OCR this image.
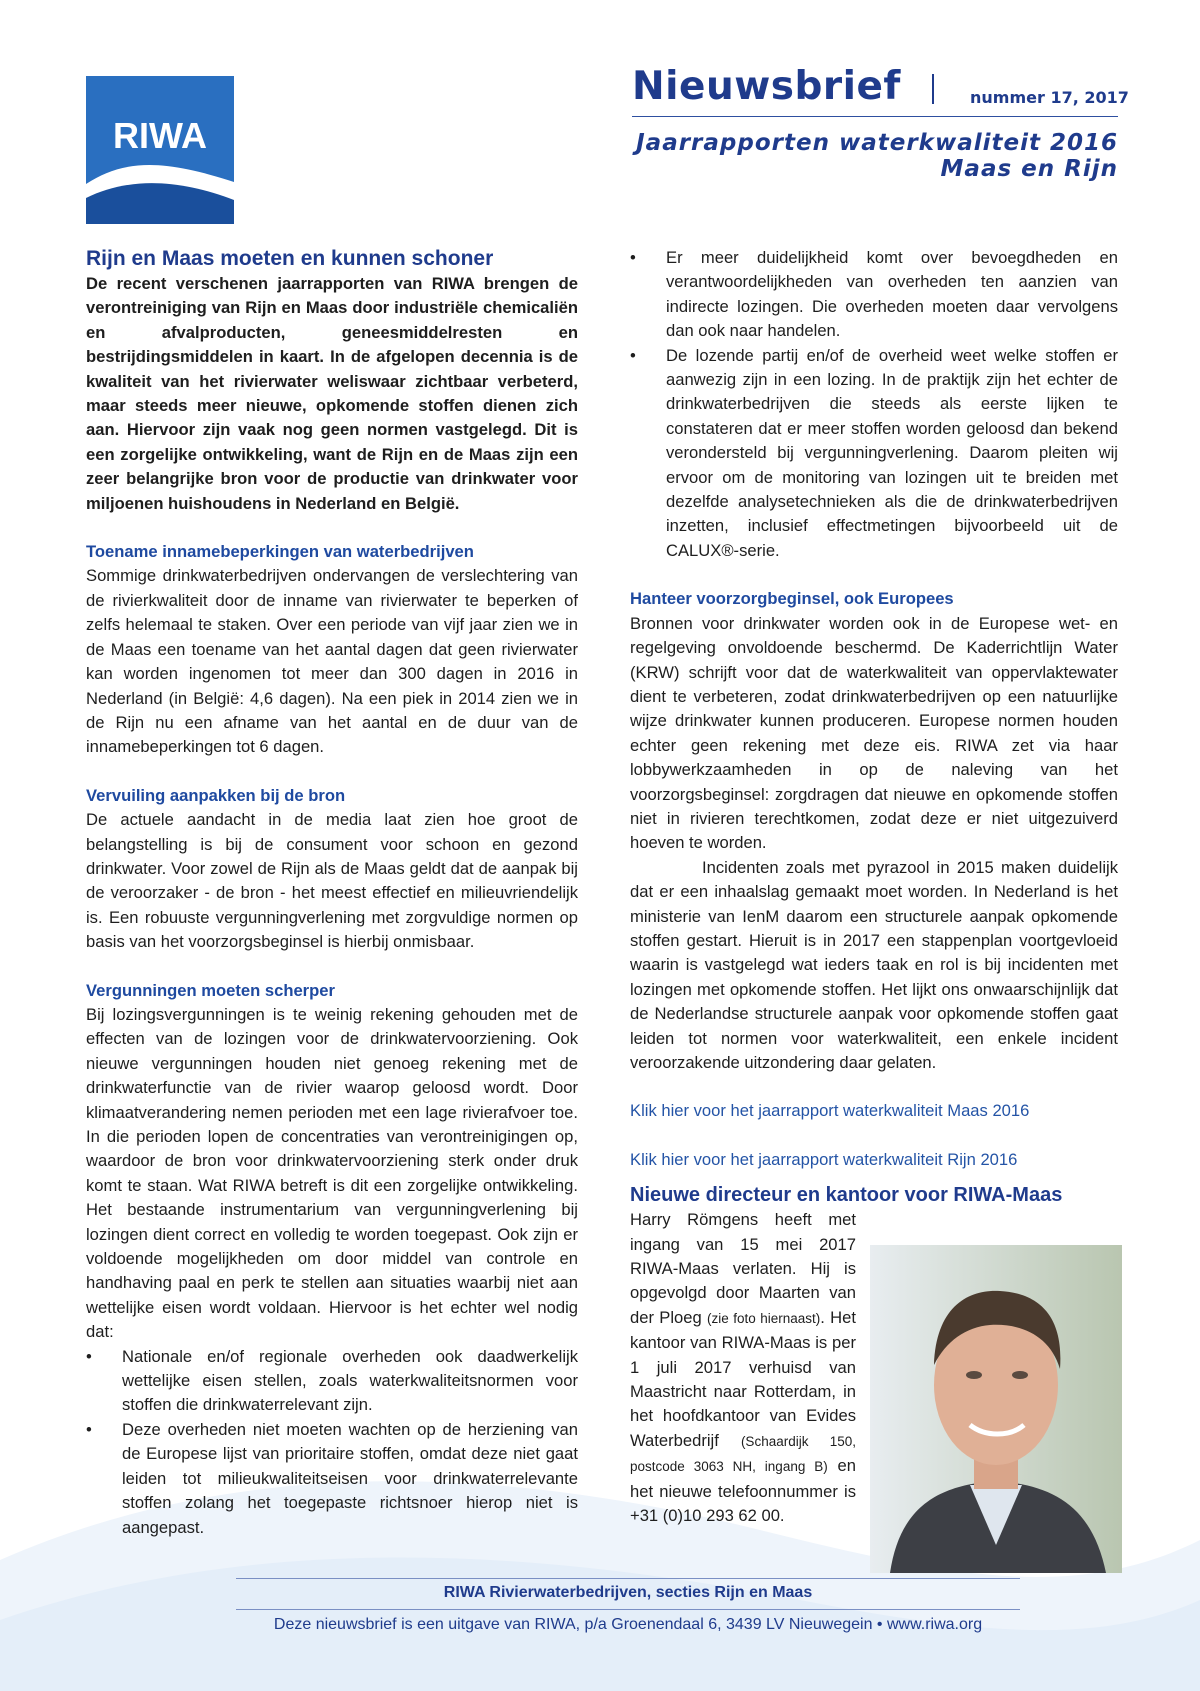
RIWA
Nieuwsbrief	nummer 17, 2017
Jaarrapporten waterkwaliteit 2016
Maas en Rijn
Rijn en Maas moeten en kunnen schoner

De recent verschenen jaarrapporten van RIWA brengen de verontreiniging van Rijn en Maas door industriële chemicaliën en afvalproducten, geneesmiddelresten en bestrijdingsmiddelen in kaart. In de afgelopen decennia is de kwaliteit van het rivierwater weliswaar zichtbaar verbeterd, maar steeds meer nieuwe, opkomende stoffen dienen zich aan. Hiervoor zijn vaak nog geen normen vastgelegd. Dit is een zorgelijke ontwikkeling, want de Rijn en de Maas zijn een zeer belangrijke bron voor de productie van drinkwater voor miljoenen huishoudens in Nederland en België.

Toename innamebeperkingen van waterbedrijven

Sommige drinkwaterbedrijven ondervangen de verslechtering van de rivierkwaliteit door de inname van rivierwater te beperken of zelfs helemaal te staken. Over een periode van vijf jaar zien we in de Maas een toename van het aantal dagen dat geen rivierwater kan worden ingenomen tot meer dan 300 dagen in 2016 in Nederland (in België: 4,6 dagen). Na een piek in 2014 zien we in de Rijn nu een afname van het aantal en de duur van de innamebeperkingen tot 6 dagen.

Vervuiling aanpakken bij de bron

De actuele aandacht in de media laat zien hoe groot de belangstelling is bij de consument voor schoon en gezond drinkwater. Voor zowel de Rijn als de Maas geldt dat de aanpak bij de veroorzaker - de bron - het meest effectief en milieuvriendelijk is. Een robuuste vergunningverlening met zorgvuldige normen op basis van het voorzorgsbeginsel is hierbij onmisbaar.

Vergunningen moeten scherper

Bij lozingsvergunningen is te weinig rekening gehouden met de effecten van de lozingen voor de drinkwatervoorziening. Ook nieuwe vergunningen houden niet genoeg rekening met de drinkwaterfunctie van de rivier waarop geloosd wordt. Door klimaatverandering nemen perioden met een lage rivierafvoer toe. In die perioden lopen de concentraties van verontreinigingen op, waardoor de bron voor drinkwatervoorziening sterk onder druk komt te staan. Wat RIWA betreft is dit een zorgelijke ontwikkeling. Het bestaande instrumentarium van vergunningverlening bij lozingen dient correct en volledig te worden toegepast. Ook zijn er voldoende mogelijkheden om door middel van controle en handhaving paal en perk te stellen aan situaties waarbij niet aan wettelijke eisen wordt voldaan. Hiervoor is het echter wel nodig dat:

• Nationale en/of regionale overheden ook daadwerkelijk wettelijke eisen stellen, zoals waterkwaliteitsnormen voor stoffen die drinkwaterrelevant zijn.
• Deze overheden niet moeten wachten op de herziening van de Europese lijst van prioritaire stoffen, omdat deze niet gaat leiden tot milieukwaliteitseisen voor drinkwaterrelevante stoffen zolang het toegepaste richtsnoer hierop niet is aangepast.
• Er meer duidelijkheid komt over bevoegdheden en verantwoordelijkheden van overheden ten aanzien van indirecte lozingen. Die overheden moeten daar vervolgens dan ook naar handelen.
• De lozende partij en/of de overheid weet welke stoffen er aanwezig zijn in een lozing. In de praktijk zijn het echter de drinkwaterbedrijven die steeds als eerste lijken te constateren dat er meer stoffen worden geloosd dan bekend verondersteld bij vergunningverlening. Daarom pleiten wij ervoor om de monitoring van lozingen uit te breiden met dezelfde analysetechnieken als die de drinkwaterbedrijven inzetten, inclusief effectmetingen bijvoorbeeld uit de CALUX®-serie.
Hanteer voorzorgbeginsel, ook Europees

Bronnen voor drinkwater worden ook in de Europese wet- en regelgeving onvoldoende beschermd. De Kaderrichtlijn Water (KRW) schrijft voor dat de waterkwaliteit van oppervlaktewater dient te verbeteren, zodat drinkwaterbedrijven op een natuurlijke wijze drinkwater kunnen produceren. Europese normen houden echter geen rekening met deze eis. RIWA zet via haar lobbywerkzaamheden in op de naleving van het voorzorgsbeginsel: zorgdragen dat nieuwe en opkomende stoffen niet in rivieren terechtkomen, zodat deze er niet uitgezuiverd hoeven te worden.

Incidenten zoals met pyrazool in 2015 maken duidelijk dat er een inhaalslag gemaakt moet worden. In Nederland is het ministerie van IenM daarom een structurele aanpak opkomende stoffen gestart. Hieruit is in 2017 een stappenplan voortgevloeid waarin is vastgelegd wat ieders taak en rol is bij incidenten met lozingen met opkomende stoffen. Het lijkt ons onwaarschijnlijk dat de Nederlandse structurele aanpak voor opkomende stoffen gaat leiden tot normen voor waterkwaliteit, een enkele incident veroorzakende uitzondering daar gelaten.

Klik hier voor het jaarrapport waterkwaliteit Maas 2016

Klik hier voor het jaarrapport waterkwaliteit Rijn 2016

Nieuwe directeur en kantoor voor RIWA-Maas

Harry Römgens heeft met ingang van 15 mei 2017 RIWA-Maas verlaten. Hij is opgevolgd door Maarten van der Ploeg (zie foto hiernaast). Het kantoor van RIWA-Maas is per 1 juli 2017 verhuisd van Maastricht naar Rotterdam, in het hoofdkantoor van Evides Waterbedrijf (Schaardijk 150, postcode 3063 NH, ingang B) en het nieuwe telefoonnummer is +31 (0)10 293 62 00.

RIWA Rivierwaterbedrijven, secties Rijn en Maas
Deze nieuwsbrief is een uitgave van RIWA, p/a Groenendaal 6, 3439 LV Nieuwegein • www.riwa.org
